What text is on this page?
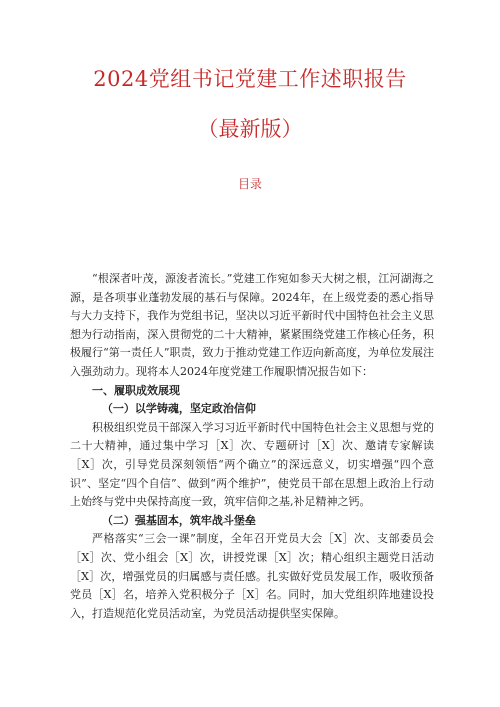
2024党组书记党建工作述职报告
（最新版）
目录

“根深者叶茂，源浚者流长。”党建工作宛如参天大树之根，江河湖海之源，是各项事业蓬勃发展的基石与保障。2024年，在上级党委的悉心指导与大力支持下，我作为党组书记，坚决以习近平新时代中国特色社会主义思想为行动指南，深入贯彻党的二十大精神，紧紧围绕党建工作核心任务，积极履行“第一责任人”职责，致力于推动党建工作迈向新高度，为单位发展注入强劲动力。现将本人2024年度党建工作履职情况报告如下：

一、履职成效展现

（一）以学铸魂，坚定政治信仰

积极组织党员干部深入学习习近平新时代中国特色社会主义思想与党的二十大精神，通过集中学习［X］次、专题研讨［X］次、邀请专家解读［X］次，引导党员深刻领悟“两个确立”的深远意义，切实增强“四个意识”、坚定“四个自信”、做到“两个维护”，使党员干部在思想上政治上行动上始终与党中央保持高度一致，筑牢信仰之基,补足精神之钙。

（二）强基固本，筑牢战斗堡垒

严格落实“三会一课”制度，全年召开党员大会［X］次、支部委员会［X］次、党小组会［X］次，讲授党课［X］次；精心组织主题党日活动［X］次，增强党员的归属感与责任感。扎实做好党员发展工作，吸收预备党员［X］名，培养入党积极分子［X］名。同时，加大党组织阵地建设投入，打造规范化党员活动室，为党员活动提供坚实保障。
